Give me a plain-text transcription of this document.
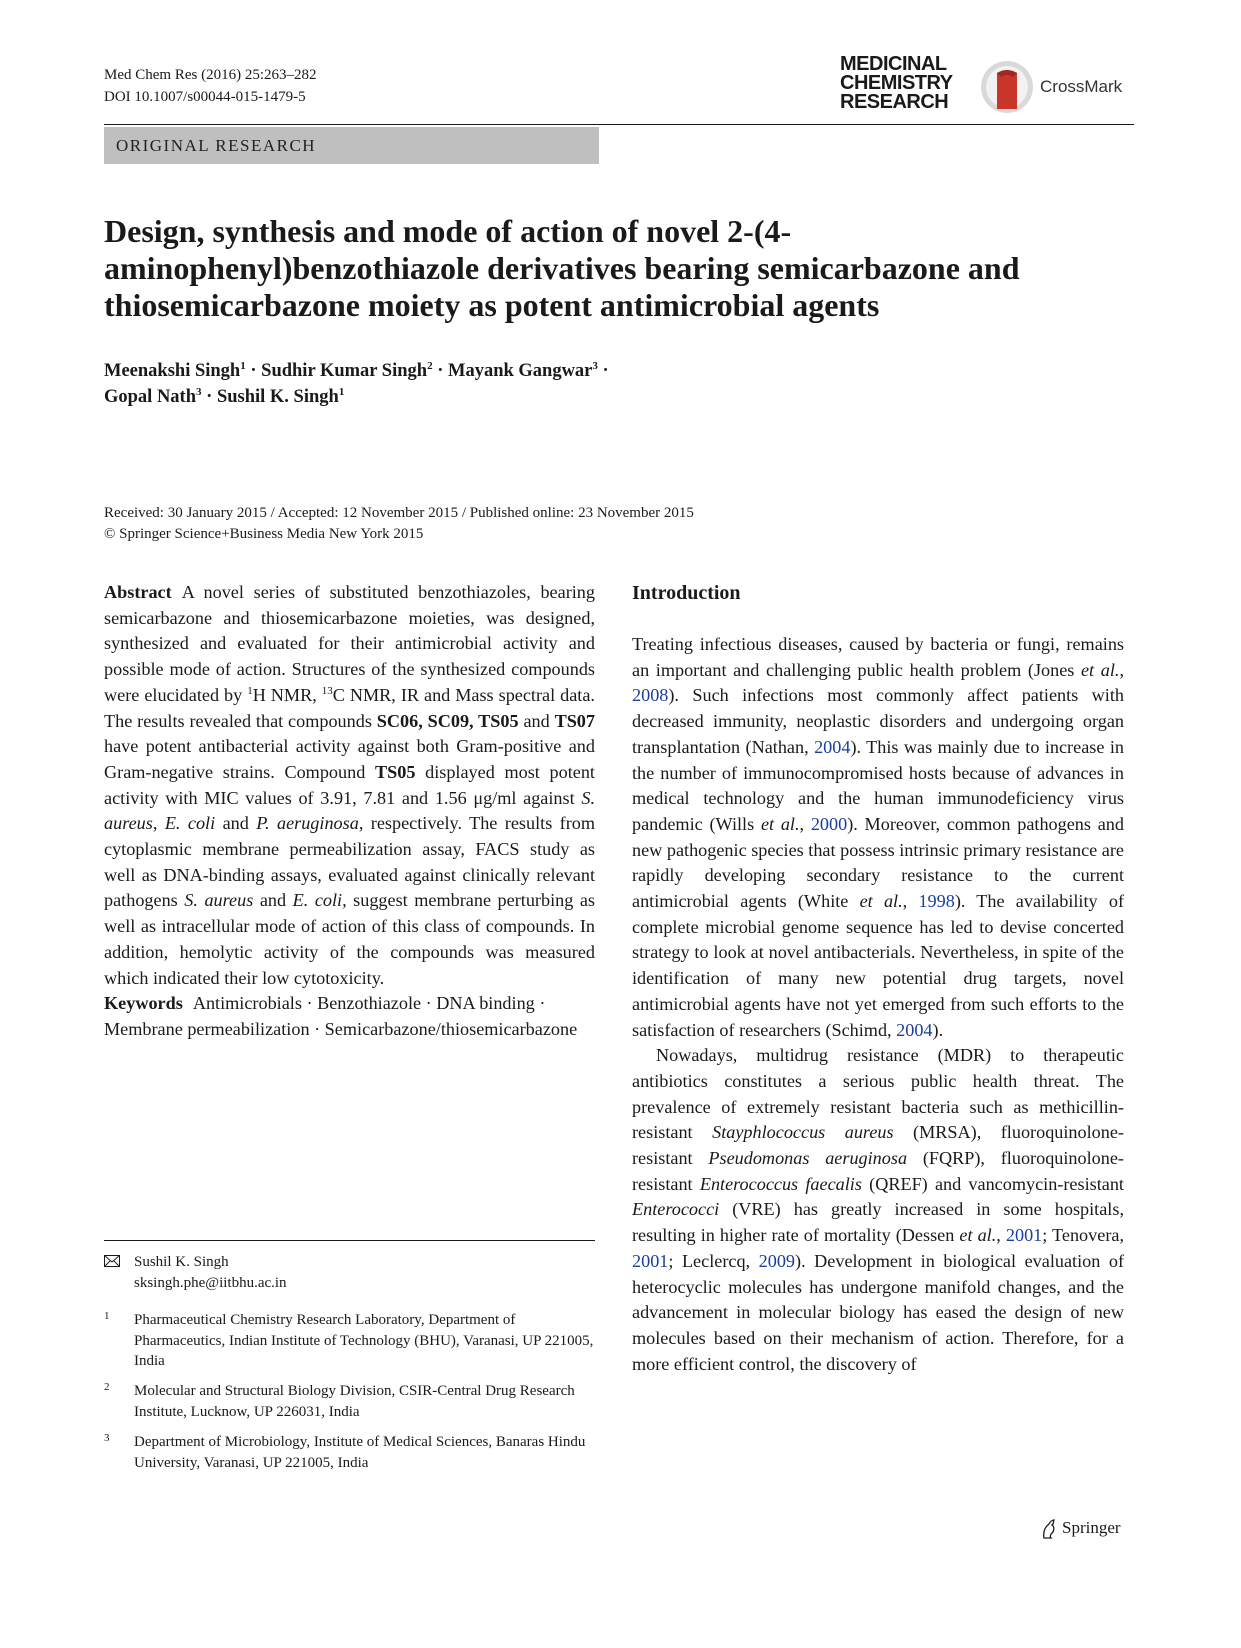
Med Chem Res (2016) 25:263–282
DOI 10.1007/s00044-015-1479-5
MEDICINAL
CHEMISTRY
RESEARCH
CrossMark
ORIGINAL RESEARCH
Design, synthesis and mode of action of novel 2-(4-aminophenyl)benzothiazole derivatives bearing semicarbazone and thiosemicarbazone moiety as potent antimicrobial agents
Meenakshi Singh$^1$ · Sudhir Kumar Singh$^2$ · Mayank Gangwar$^3$ ·
Gopal Nath$^3$ · Sushil K. Singh$^1$
Received: 30 January 2015 / Accepted: 12 November 2015 / Published online: 23 November 2015
© Springer Science+Business Media New York 2015

Abstract A novel series of substituted benzothiazoles, bearing semicarbazone and thiosemicarbazone moieties, was designed, synthesized and evaluated for their antimicrobial activity and possible mode of action. Structures of the synthesized compounds were elucidated by $^1$H NMR, $^{13}$C NMR, IR and Mass spectral data. The results revealed that compounds SC06, SC09, TS05 and TS07 have potent antibacterial activity against both Gram-positive and Gram-negative strains. Compound TS05 displayed most potent activity with MIC values of 3.91, 7.81 and 1.56 μg/ml against S. aureus, E. coli and P. aeruginosa, respectively. The results from cytoplasmic membrane permeabilization assay, FACS study as well as DNA-binding assays, evaluated against clinically relevant pathogens S. aureus and E. coli, suggest membrane perturbing as well as intracellular mode of action of this class of compounds. In addition, hemolytic activity of the compounds was measured which indicated their low cytotoxicity.

Keywords Antimicrobials · Benzothiazole · DNA binding · Membrane permeabilization · Semicarbazone/thiosemicarbazone

Sushil K. Singh
sksingh.phe@iitbhu.ac.in
1 Pharmaceutical Chemistry Research Laboratory, Department of Pharmaceutics, Indian Institute of Technology (BHU), Varanasi, UP 221005, India
2 Molecular and Structural Biology Division, CSIR-Central Drug Research Institute, Lucknow, UP 226031, India
3 Department of Microbiology, Institute of Medical Sciences, Banaras Hindu University, Varanasi, UP 221005, India
Introduction

Treating infectious diseases, caused by bacteria or fungi, remains an important and challenging public health problem (Jones et al., 2008). Such infections most commonly affect patients with decreased immunity, neoplastic disorders and undergoing organ transplantation (Nathan, 2004). This was mainly due to increase in the number of immunocompromised hosts because of advances in medical technology and the human immunodeficiency virus pandemic (Wills et al., 2000). Moreover, common pathogens and new pathogenic species that possess intrinsic primary resistance are rapidly developing secondary resistance to the current antimicrobial agents (White et al., 1998). The availability of complete microbial genome sequence has led to devise concerted strategy to look at novel antibacterials. Nevertheless, in spite of the identification of many new potential drug targets, novel antimicrobial agents have not yet emerged from such efforts to the satisfaction of researchers (Schimd, 2004).

Nowadays, multidrug resistance (MDR) to therapeutic antibiotics constitutes a serious public health threat. The prevalence of extremely resistant bacteria such as methicillin-resistant Stayphlococcus aureus (MRSA), fluoroquinolone-resistant Pseudomonas aeruginosa (FQRP), fluoroquinolone-resistant Enterococcus faecalis (QREF) and vancomycin-resistant Enterococci (VRE) has greatly increased in some hospitals, resulting in higher rate of mortality (Dessen et al., 2001; Tenovera, 2001; Leclercq, 2009). Development in biological evaluation of heterocyclic molecules has undergone manifold changes, and the advancement in molecular biology has eased the design of new molecules based on their mechanism of action. Therefore, for a more efficient control, the discovery of

Springer
